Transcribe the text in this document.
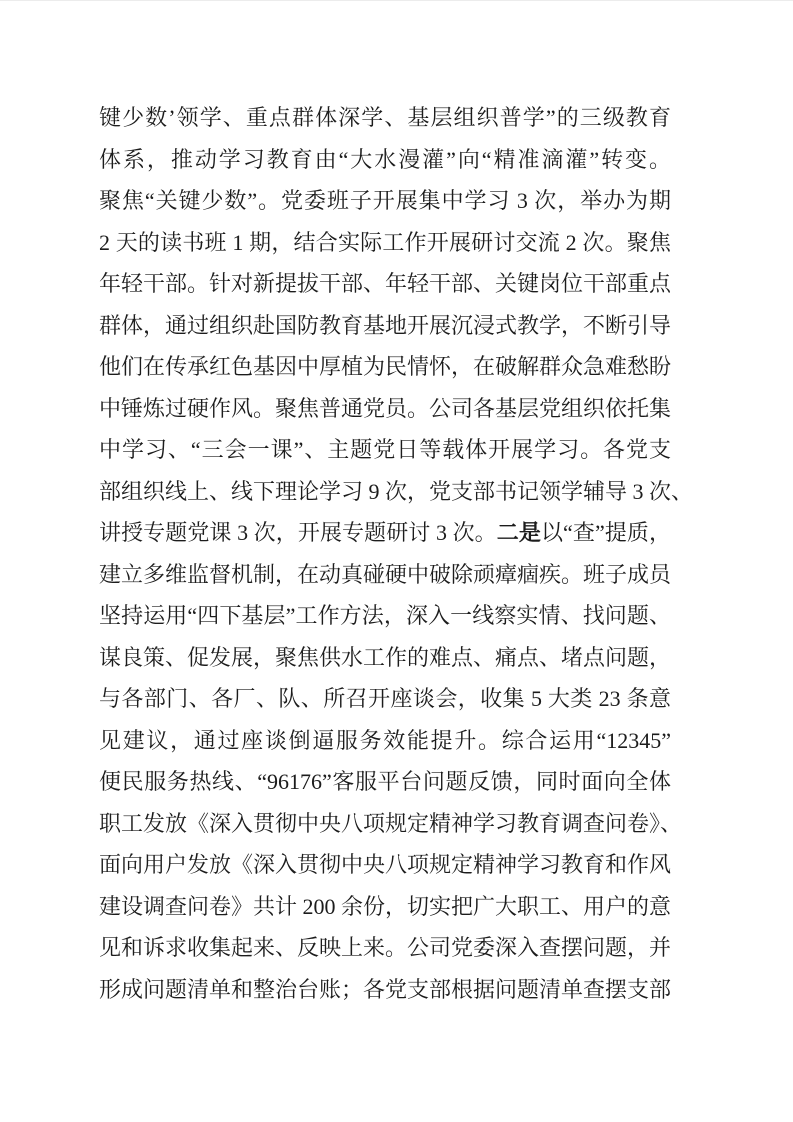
键少数’领学、重点群体深学、基层组织普学”的三级教育
体系，推动学习教育由“大水漫灌”向“精准滴灌”转变。
聚焦“关键少数”。党委班子开展集中学习 3 次，举办为期
2 天的读书班 1 期，结合实际工作开展研讨交流 2 次。聚焦
年轻干部。针对新提拔干部、年轻干部、关键岗位干部重点
群体，通过组织赴国防教育基地开展沉浸式教学，不断引导
他们在传承红色基因中厚植为民情怀，在破解群众急难愁盼
中锤炼过硬作风。聚焦普通党员。公司各基层党组织依托集
中学习、“三会一课”、主题党日等载体开展学习。各党支
部组织线上、线下理论学习 9 次，党支部书记领学辅导 3 次、
讲授专题党课 3 次，开展专题研讨 3 次。二是以“查”提质，
建立多维监督机制，在动真碰硬中破除顽瘴痼疾。班子成员
坚持运用“四下基层”工作方法，深入一线察实情、找问题、
谋良策、促发展，聚焦供水工作的难点、痛点、堵点问题，
与各部门、各厂、队、所召开座谈会，收集 5 大类 23 条意
见建议，通过座谈倒逼服务效能提升。综合运用“12345”
便民服务热线、“96176”客服平台问题反馈，同时面向全体
职工发放《深入贯彻中央八项规定精神学习教育调查问卷》、
面向用户发放《深入贯彻中央八项规定精神学习教育和作风
建设调查问卷》共计 200 余份，切实把广大职工、用户的意
见和诉求收集起来、反映上来。公司党委深入查摆问题，并
形成问题清单和整治台账；各党支部根据问题清单查摆支部
